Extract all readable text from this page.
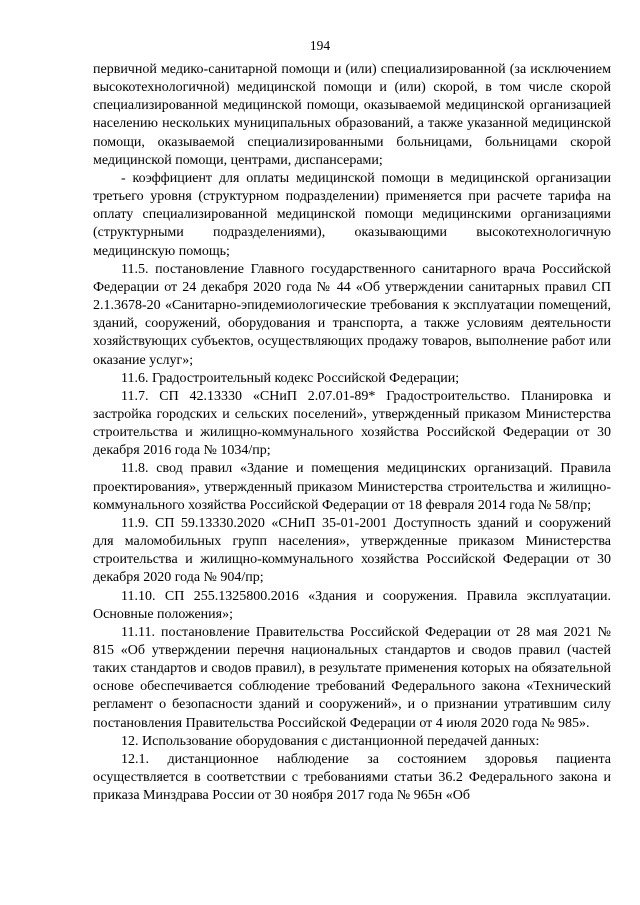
194

первичной медико-санитарной помощи и (или) специализированной (за исключением высокотехнологичной) медицинской помощи и (или) скорой, в том числе скорой специализированной медицинской помощи, оказываемой медицинской организацией населению нескольких муниципальных образований, а также указанной медицинской помощи, оказываемой специализированными больницами, больницами скорой медицинской помощи, центрами, диспансерами;

- коэффициент для оплаты медицинской помощи в медицинской организации третьего уровня (структурном подразделении) применяется при расчете тарифа на оплату специализированной медицинской помощи медицинскими организациями (структурными подразделениями), оказывающими высокотехнологичную медицинскую помощь;

11.5. постановление Главного государственного санитарного врача Российской Федерации от 24 декабря 2020 года № 44 «Об утверждении санитарных правил СП 2.1.3678-20 «Санитарно-эпидемиологические требования к эксплуатации помещений, зданий, сооружений, оборудования и транспорта, а также условиям деятельности хозяйствующих субъектов, осуществляющих продажу товаров, выполнение работ или оказание услуг»;

11.6. Градостроительный кодекс Российской Федерации;

11.7. СП 42.13330 «СНиП 2.07.01-89* Градостроительство. Планировка и застройка городских и сельских поселений», утвержденный приказом Министерства строительства и жилищно-коммунального хозяйства Российской Федерации от 30 декабря 2016 года № 1034/пр;

11.8. свод правил «Здание и помещения медицинских организаций. Правила проектирования», утвержденный приказом Министерства строительства и жилищно-коммунального хозяйства Российской Федерации от 18 февраля 2014 года № 58/пр;

11.9. СП 59.13330.2020 «СНиП 35-01-2001 Доступность зданий и сооружений для маломобильных групп населения», утвержденные приказом Министерства строительства и жилищно-коммунального хозяйства Российской Федерации от 30 декабря 2020 года № 904/пр;

11.10. СП 255.1325800.2016 «Здания и сооружения. Правила эксплуатации. Основные положения»;

11.11. постановление Правительства Российской Федерации от 28 мая 2021 № 815 «Об утверждении перечня национальных стандартов и сводов правил (частей таких стандартов и сводов правил), в результате применения которых на обязательной основе обеспечивается соблюдение требований Федерального закона «Технический регламент о безопасности зданий и сооружений», и о признании утратившим силу постановления Правительства Российской Федерации от 4 июля 2020 года № 985».

12. Использование оборудования с дистанционной передачей данных:

12.1. дистанционное наблюдение за состоянием здоровья пациента осуществляется в соответствии с требованиями статьи 36.2 Федерального закона и приказа Минздрава России от 30 ноября 2017 года № 965н «Об
